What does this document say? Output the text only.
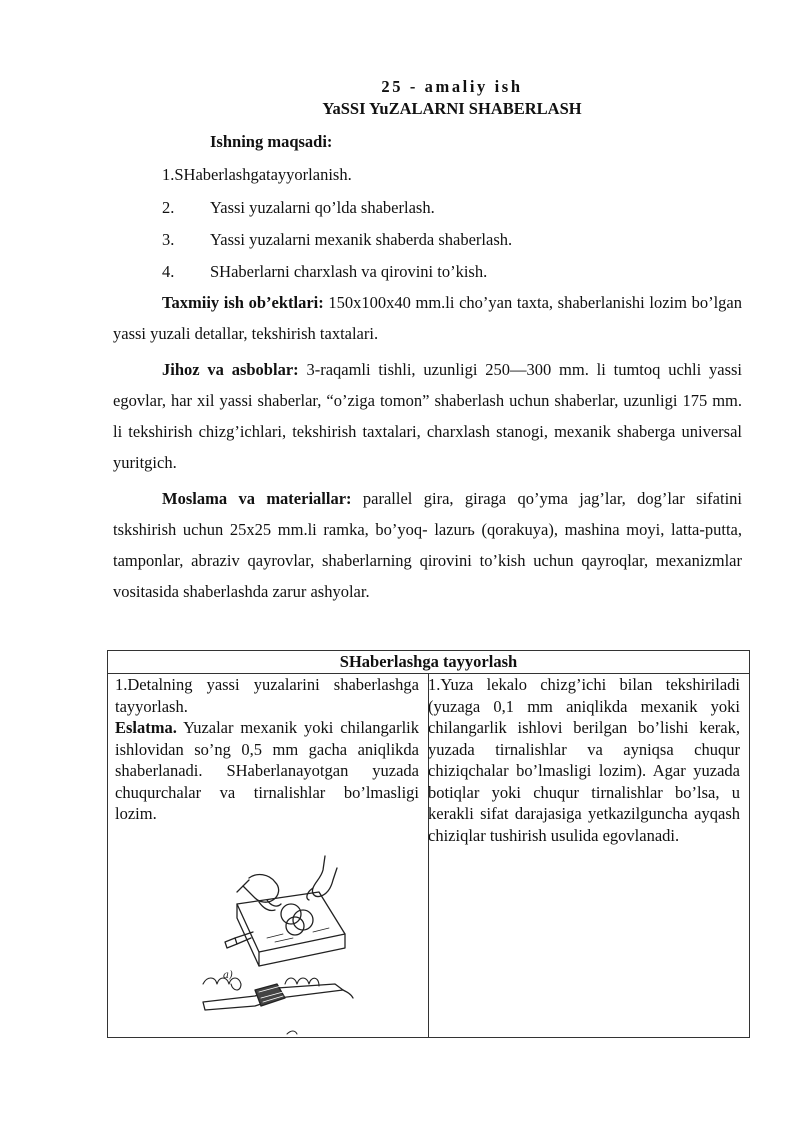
25 - amaliy ish
YaSSI YuZALARNI SHABERLASH
Ishning maqsadi:
1.SHaberlashgatayyorlanish.
2. Yassi yuzalarni qo’lda shaberlash.
3. Yassi yuzalarni mexanik shaberda shaberlash.
4. SHaberlarni charxlash va qirovini to’kish.
Taxmiiy ish ob’ektlari: 150x100x40 mm.li cho’yan taxta, shaberlanishi lozim bo’lgan yassi yuzali detallar, tekshirish taxtalari.
Jihoz va asboblar: 3-raqamli tishli, uzunligi 250—300 mm. li tumtoq uchli yassi egovlar, har xil yassi shaberlar, “o’ziga tomon” shaberlash uchun shaberlar, uzunligi 175 mm. li tekshirish chizg’ichlari, tekshirish taxtalari, charxlash stanogi, mexanik shaberga universal yuritgich.
Moslama va materiallar: parallel gira, giraga qo’yma jag’lar, dog’lar sifatini tskshirish uchun 25x25 mm.li ramka, bo’yoq- lazurь (qorakuya), mashina moyi, latta-putta, tamponlar, abraziv qayrovlar, shaberlarning qirovini to’kish uchun qayroqlar, mexanizmlar vositasida shaberlashda zarur ashyolar.
SHaberlashga tayyorlash

1.Detalning yassi yuzalarini shaberlashga tayyorlash.

Eslatma. Yuzalar mexanik yoki chilangarlik ishlovidan so’ng 0,5 mm gacha aniqlikda shaberlanadi. SHaberlanayotgan yuzada chuqurchalar va tirnalishlar bo’lmasligi lozim.

a)

1.Yuza lekalo chizg’ichi bilan tekshiriladi (yuzaga 0,1 mm aniqlikda mexanik yoki chilangarlik ishlovi berilgan bo’lishi kerak, yuzada tirnalishlar va ayniqsa chuqur chiziqchalar bo’lmasligi lozim). Agar yuzada botiqlar yoki chuqur tirnalishlar bo’lsa, u kerakli sifat darajasiga yetkazilguncha ayqash chiziqlar tushirish usulida egovlanadi.
